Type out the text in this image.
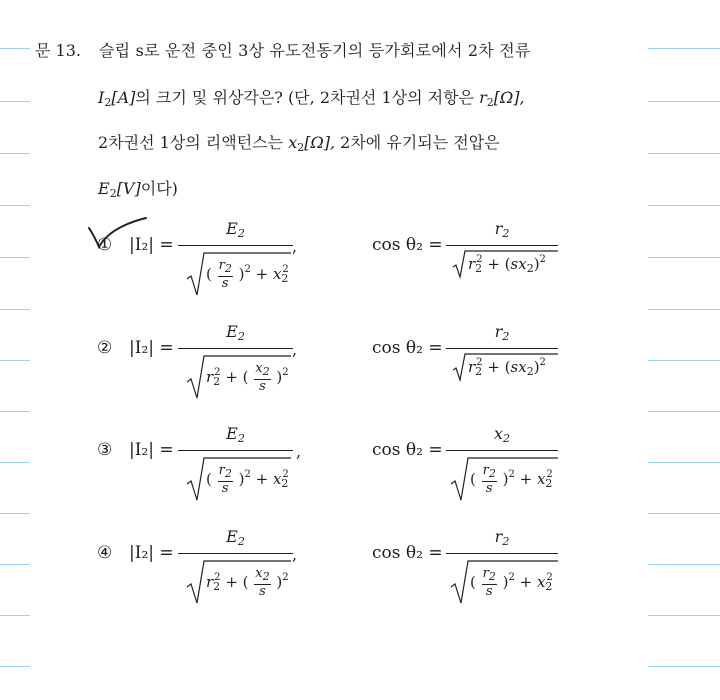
문 13. 슬립 s로 운전 중인 3상 유도전동기의 등가회로에서 2차 전류
$I_2[A]$의 크기 및 위상각은? (단, 2차권선 1상의 저항은 $r_2[\Omega]$,
2차권선 1상의 리액턴스는 $x_2[\Omega]$, 2차에 유기되는 전압은
$E_2[V]$이다)
① |I₂| =
$E_2$
( $\frac{r_2}{s} )^2 + x_2^2$
,	cos θ₂ =
$r_2$
$r_2^2 + (sx_2)^2$
② |I₂| =
$E_2$
$r_2^2$ + ( $\frac{x_2}{s} )^2$
,	cos θ₂ =
$r_2$
$r_2^2 + (sx_2)^2$
③ |I₂| =
$E_2$
( $\frac{r_2}{s} )^2 + x_2^2$
,	cos θ₂ =
$x_2$
( $\frac{r_2}{s} )^2 + x_2^2$
④ |I₂| =
$E_2$
$r_2^2$ + ( $\frac{x_2}{s} )^2$
,	cos θ₂ =
$r_2$
( $\frac{r_2}{s} )^2 + x_2^2$
